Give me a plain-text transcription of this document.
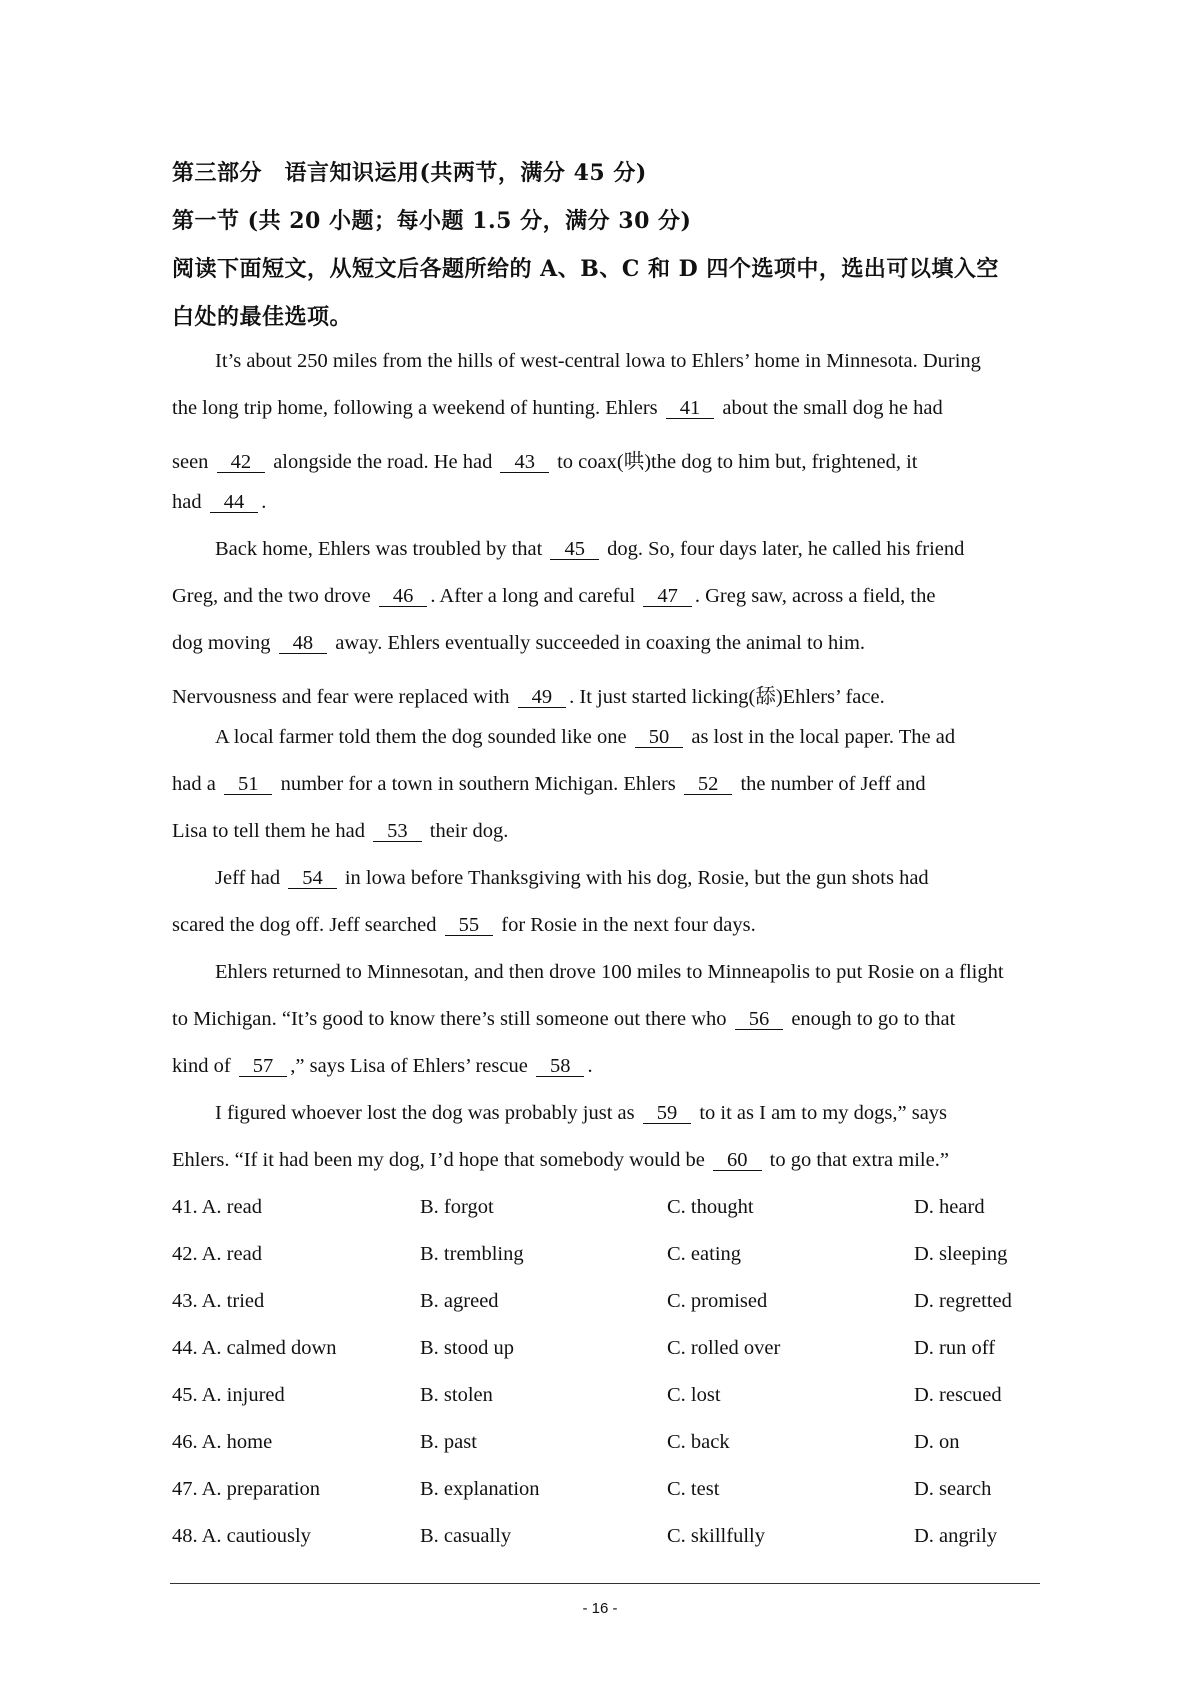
第三部分　语言知识运用(共两节，满分 45 分)
第一节 (共 20 小题；每小题 1.5 分，满分 30 分)
阅读下面短文，从短文后各题所给的 A、B、C 和 D 四个选项中，选出可以填入空
白处的最佳选项。
It’s about 250 miles from the hills of west-central lowa to Ehlers’ home in Minnesota. During
the long trip home, following a weekend of hunting. Ehlers 41 about the small dog he had
seen 42 alongside the road. He had 43 to coax(哄)the dog to him but, frightened, it
had 44 .
Back home, Ehlers was troubled by that 45 dog. So, four days later, he called his friend
Greg, and the two drove 46 . After a long and careful 47 . Greg saw, across a field, the
dog moving 48 away. Ehlers eventually succeeded in coaxing the animal to him.
Nervousness and fear were replaced with 49 . It just started licking(舔)Ehlers’ face.
A local farmer told them the dog sounded like one 50 as lost in the local paper. The ad
had a 51 number for a town in southern Michigan. Ehlers 52 the number of Jeff and
Lisa to tell them he had 53 their dog.
Jeff had 54 in lowa before Thanksgiving with his dog, Rosie, but the gun shots had
scared the dog off. Jeff searched 55 for Rosie in the next four days.
Ehlers returned to Minnesotan, and then drove 100 miles to Minneapolis to put Rosie on a flight
to Michigan. “It’s good to know there’s still someone out there who 56 enough to go to that
kind of 57 ,” says Lisa of Ehlers’ rescue 58 .
I figured whoever lost the dog was probably just as 59 to it as I am to my dogs,” says
Ehlers. “If it had been my dog, I’d hope that somebody would be 60 to go that extra mile.”
41. A. read	B. forgot	C. thought	D. heard
42. A. read	B. trembling	C. eating	D. sleeping
43. A. tried	B. agreed	C. promised	D. regretted
44. A. calmed down	B. stood up	C. rolled over	D. run off
45. A. injured	B. stolen	C. lost	D. rescued
46. A. home	B. past	C. back	D. on
47. A. preparation	B. explanation	C. test	D. search
48. A. cautiously	B. casually	C. skillfully	D. angrily
- 16 -
